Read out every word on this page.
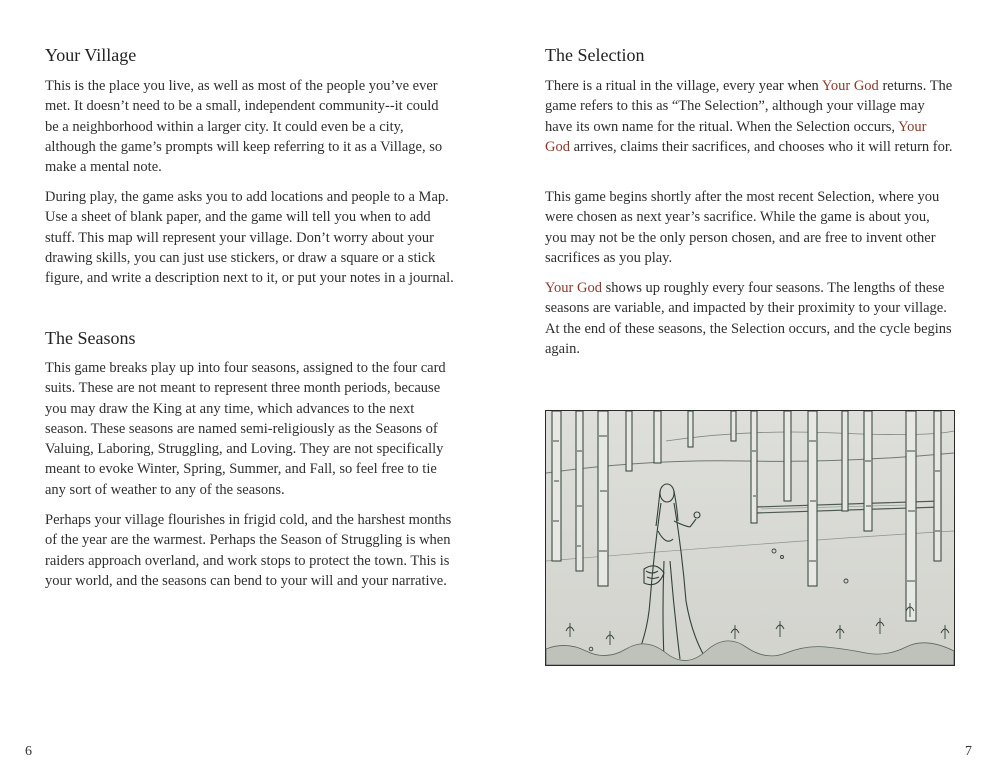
Your Village

This is the place you live, as well as most of the people you’ve ever met. It doesn’t need to be a small, independent community--it could be a neighborhood within a larger city. It could even be a city, although the game’s prompts will keep referring to it as a Village, so make a mental note.

During play, the game asks you to add locations and people to a Map. Use a sheet of blank paper, and the game will tell you when to add stuff. This map will represent your village. Don’t worry about your drawing skills, you can just use stickers, or draw a square or a stick figure, and write a description next to it, or put your notes in a journal.

The Seasons

This game breaks play up into four seasons, assigned to the four card suits. These are not meant to represent three month periods, because you may draw the King at any time, which advances to the next season. These seasons are named semi-religiously as the Seasons of Valuing, Laboring, Struggling, and Loving. They are not specifically meant to evoke Winter, Spring, Summer, and Fall, so feel free to tie any sort of weather to any of the seasons.

Perhaps your village flourishes in frigid cold, and the harshest months of the year are the warmest. Perhaps the Season of Struggling is when raiders approach overland, and work stops to protect the town. This is your world, and the seasons can bend to your will and your narrative.

The Selection

There is a ritual in the village, every year when Your God returns. The game refers to this as “The Selection”, although your village may have its own name for the ritual. When the Selection occurs, Your God arrives, claims their sacrifices, and chooses who it will return for.

This game begins shortly after the most recent Selection, where you were chosen as next year’s sacrifice. While the game is about you, you may not be the only person chosen, and are free to invent other sacrifices as you play.

Your God shows up roughly every four seasons. The lengths of these seasons are variable, and impacted by their proximity to your village. At the end of these seasons, the Selection occurs, and the cycle begins again.

6	7
